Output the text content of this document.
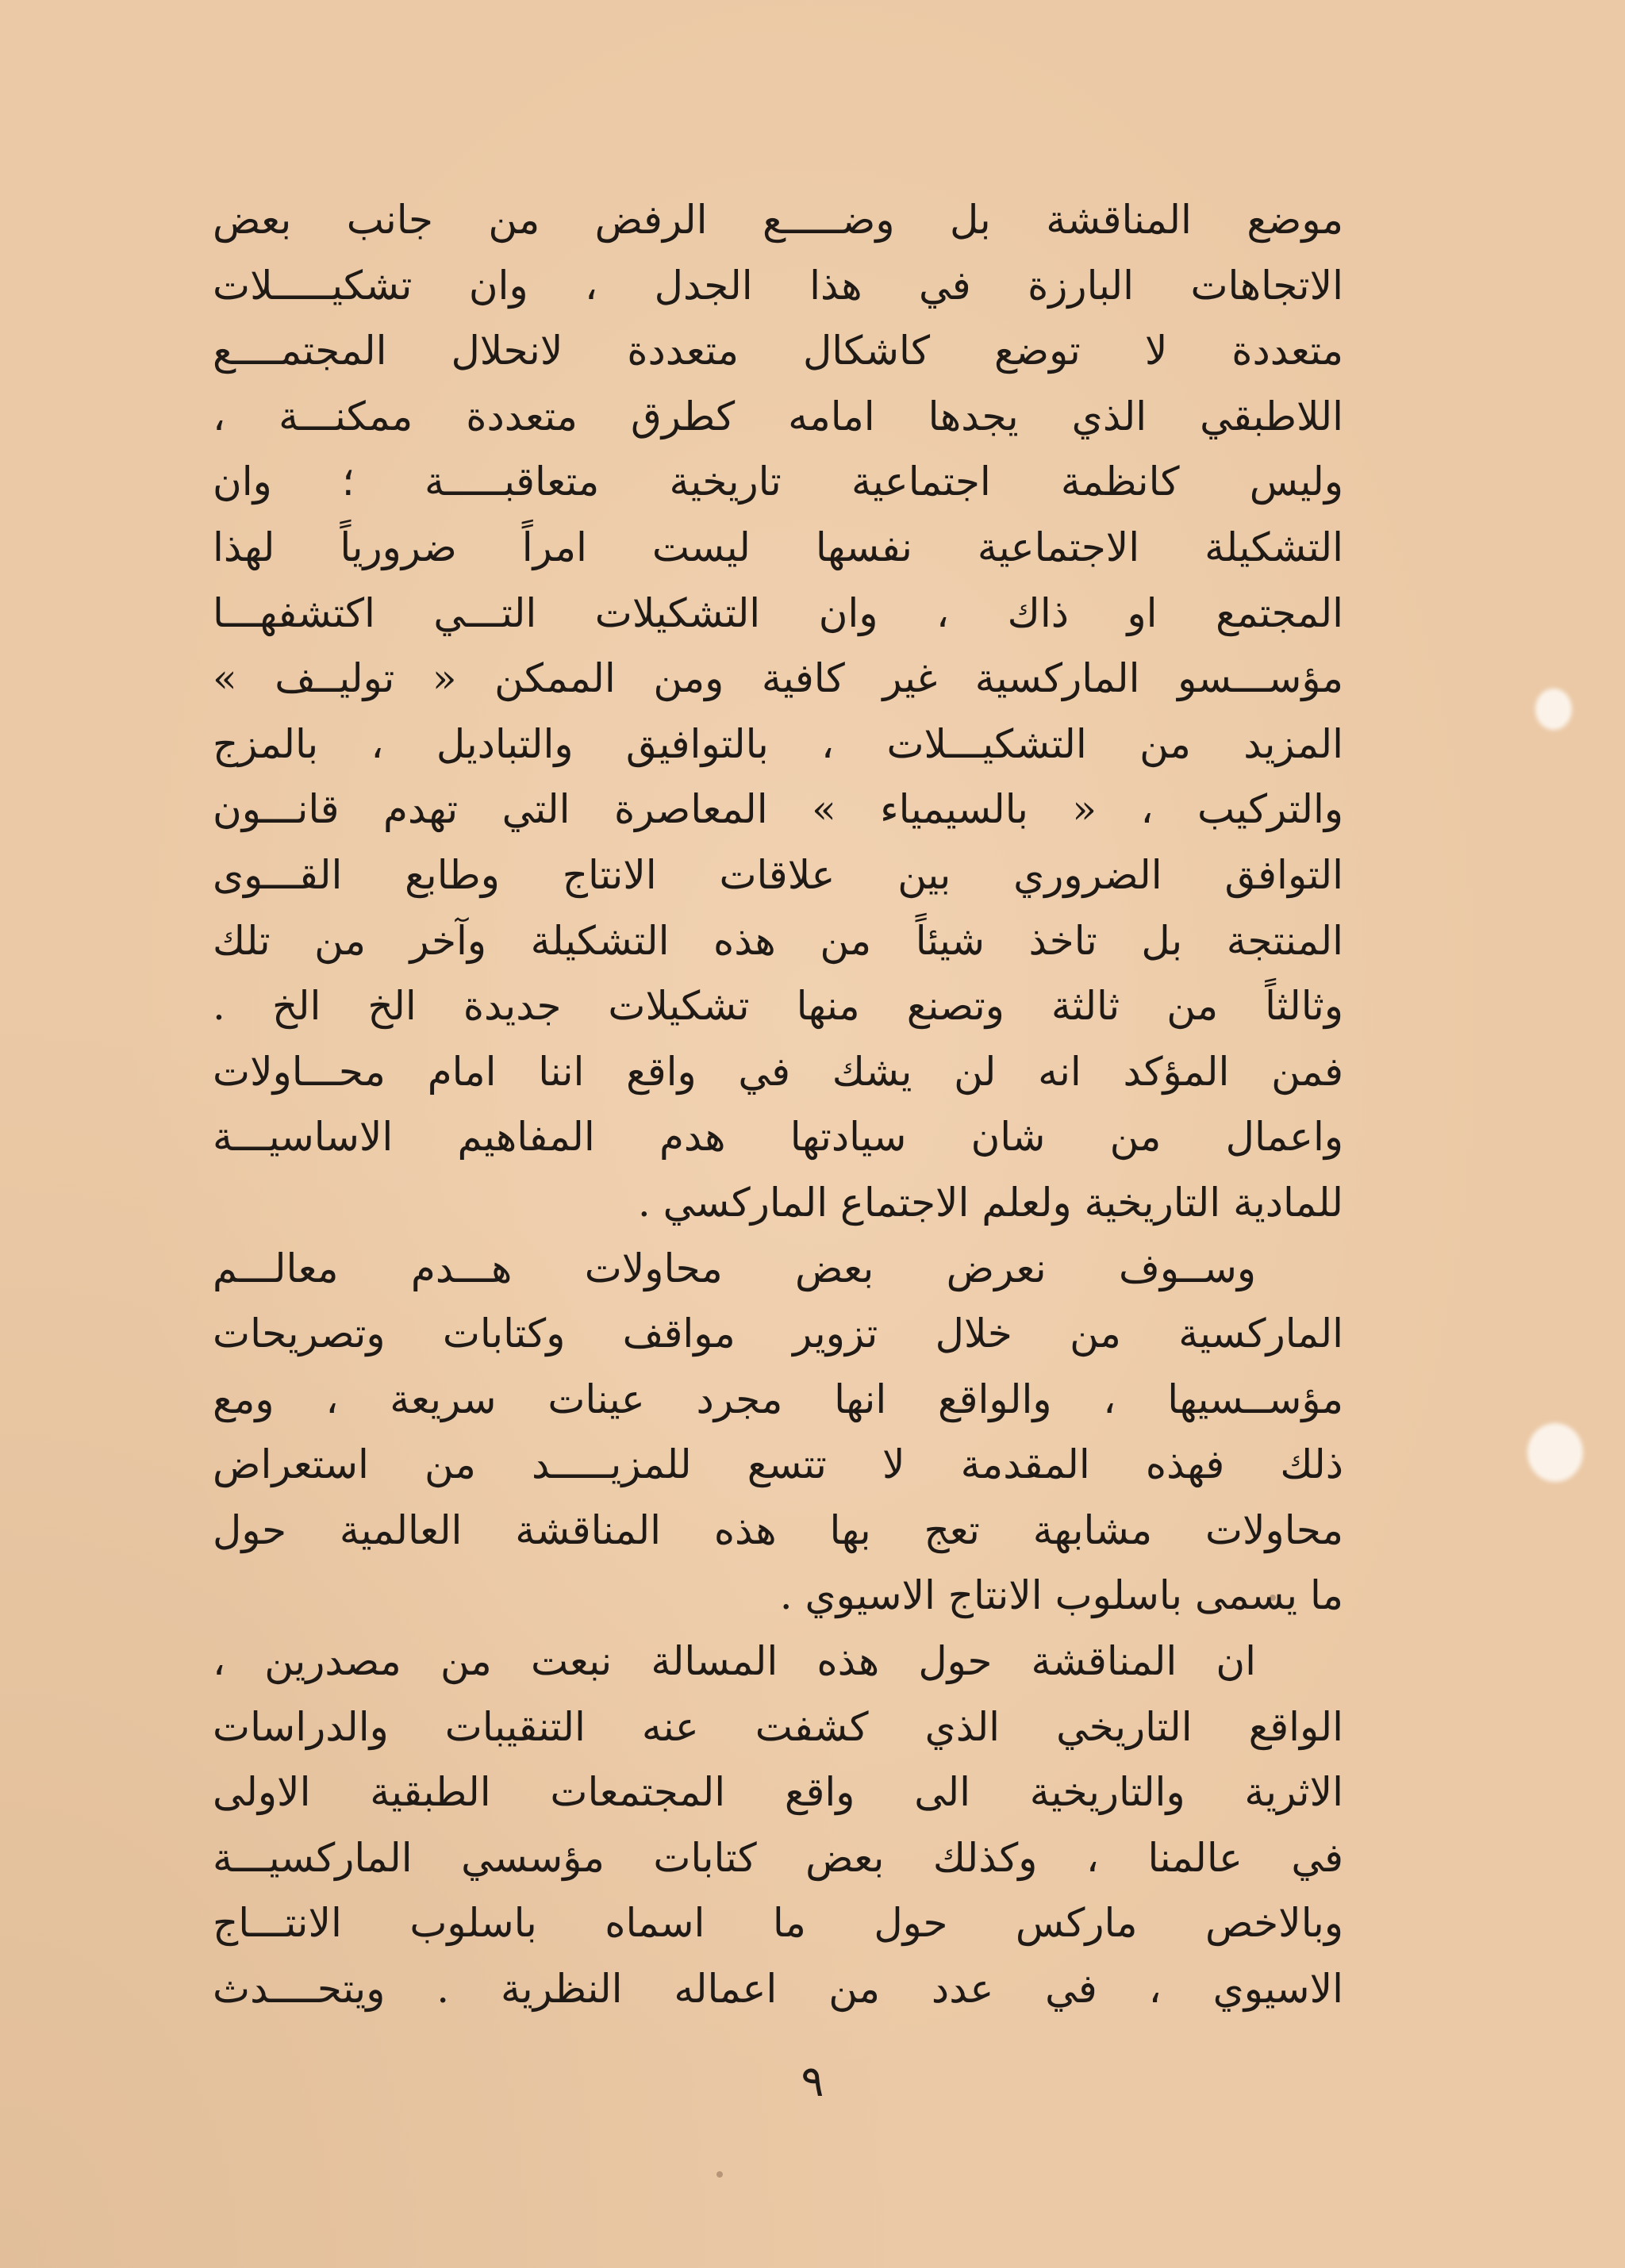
موضع المناقشة بل وضـــــع الرفض من جانب بعض
الاتجاهات البارزة في هذا الجدل ، وان تشكيـــــلات
متعددة لا توضع كاشكال متعددة لانحلال المجتمــــع
اللاطبقي الذي يجدها امامه كطرق متعددة ممكنـــة ،
وليس كانظمة اجتماعية تاريخية متعاقبـــــة ؛ وان
التشكيلة الاجتماعية نفسها ليست امراً ضرورياً لهذا
المجتمع او ذاك ، وان التشكيلات التـــي اكتشفهـــا
مؤســـسو الماركسية غير كافية ومن الممكن « توليــف »
المزيد من التشكيـــلات ، بالتوافيق والتباديل ، بالمزج
والتركيب ، « بالسيمياء » المعاصرة التي تهدم قانـــون
التوافق الضروري بين علاقات الانتاج وطابع القـــوى
المنتجة بل تاخذ شيئاً من هذه التشكيلة وآخر من تلك
وثالثاً من ثالثة وتصنع منها تشكيلات جديدة الخ الخ .
فمن المؤكد انه لن يشك في واقع اننا امام محـــاولات
واعمال من شان سيادتها هدم المفاهيم الاساسيـــة
للمادية التاريخية ولعلم الاجتماع الماركسي .
وســوف نعرض بعض محاولات هـــدم معالـــم
الماركسية من خلال تزوير مواقف وكتابات وتصريحات
مؤســسيها ، والواقع انها مجرد عينات سريعة ، ومع
ذلك فهذه المقدمة لا تتسع للمزيـــــد من استعراض
محاولات مشابهة تعج بها هذه المناقشة العالمية حول
ما يسمى باسلوب الانتاج الاسيوي .
ان المناقشة حول هذه المسالة نبعت من مصدرين ،
الواقع التاريخي الذي كشفت عنه التنقيبات والدراسات
الاثرية والتاريخية الى واقع المجتمعات الطبقية الاولى
في عالمنا ، وكذلك بعض كتابات مؤسسي الماركسيـــة
وبالاخص ماركس حول ما اسماه باسلوب الانتـــاج
الاسيوي ، في عدد من اعماله النظرية . ويتحــــدث
٩
